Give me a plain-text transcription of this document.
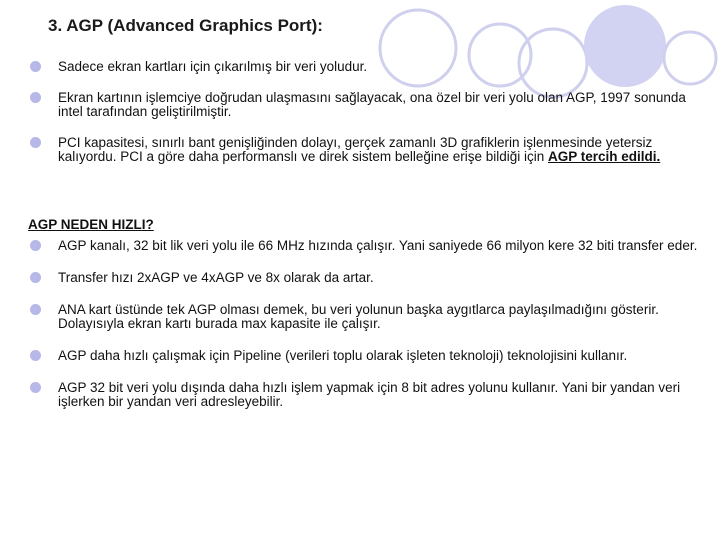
3. AGP (Advanced Graphics Port):
Sadece ekran kartları için çıkarılmış bir veri yoludur.
Ekran kartının işlemciye doğrudan ulaşmasını sağlayacak, ona özel bir veri yolu olan AGP, 1997 sonunda intel tarafından geliştirilmiştir.
PCI kapasitesi, sınırlı bant genişliğinden dolayı, gerçek zamanlı 3D grafiklerin işlenmesinde yetersiz kalıyordu. PCI a göre daha performanslı ve direk sistem belleğine erişe bildiği için AGP tercih edildi.
AGP NEDEN HIZLI?
AGP kanalı, 32 bit lik veri yolu ile 66 MHz hızında çalışır. Yani saniyede 66 milyon kere 32 biti transfer eder.
Transfer hızı 2xAGP ve 4xAGP ve 8x olarak da artar.
ANA kart üstünde tek AGP olması demek, bu veri yolunun başka aygıtlarca paylaşılmadığını gösterir. Dolayısıyla ekran kartı burada max kapasite ile çalışır.
AGP daha hızlı çalışmak için Pipeline (verileri toplu olarak işleten teknoloji) teknolojisini kullanır.
AGP 32 bit veri yolu dışında daha hızlı işlem yapmak için 8 bit adres yolunu kullanır. Yani bir yandan veri işlerken bir yandan veri adresleyebilir.
